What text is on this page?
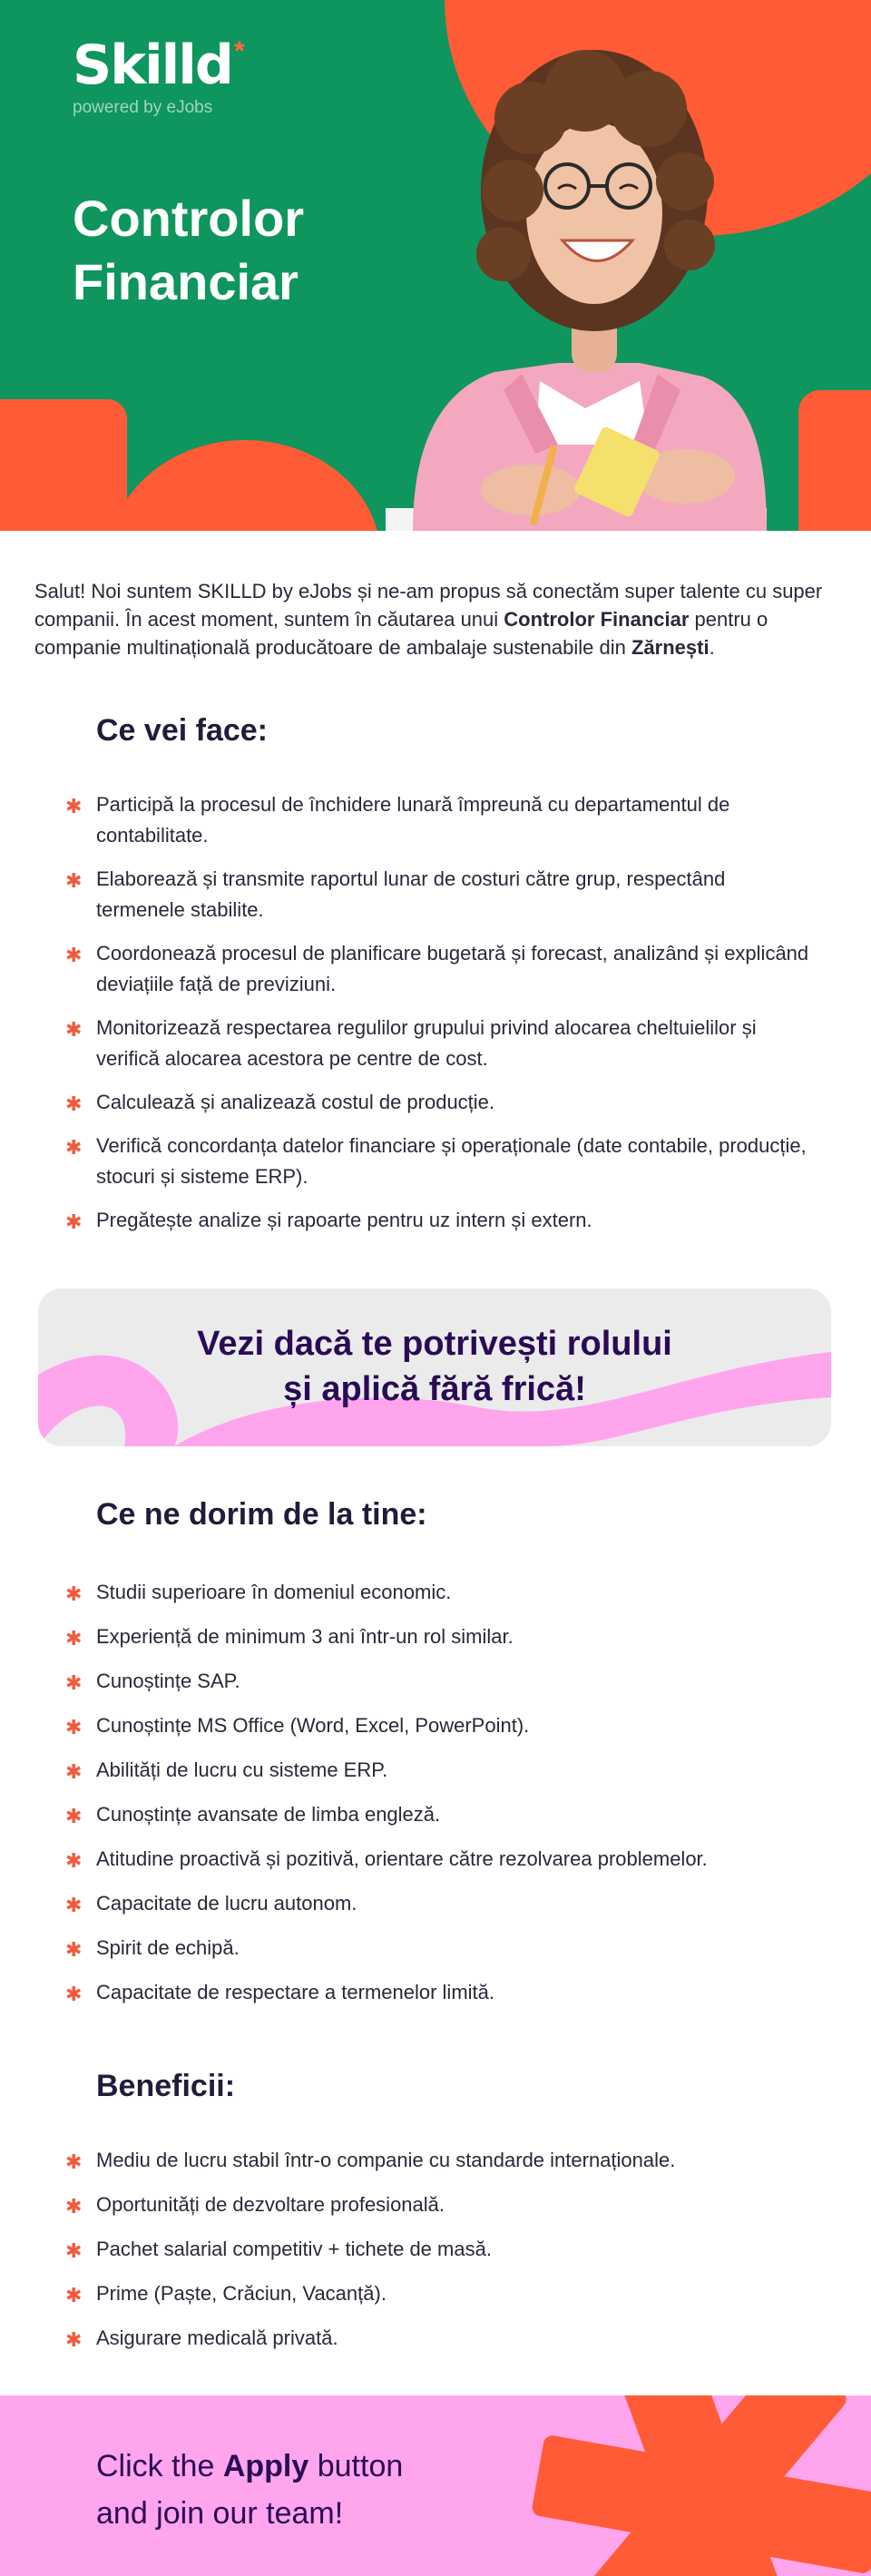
Skilld *
powered by eJobs
Controlor Financiar
Salut! Noi suntem SKILLD by eJobs și ne-am propus să conectăm super talente cu super companii. În acest moment, suntem în căutarea unui Controlor Financiar pentru o companie multinațională producătoare de ambalaje sustenabile din Zărnești.
Ce vei face:
✱ Participă la procesul de închidere lunară împreună cu departamentul de contabilitate.
✱ Elaborează și transmite raportul lunar de costuri către grup, respectând termenele stabilite.
✱ Coordonează procesul de planificare bugetară și forecast, analizând și explicând deviațiile față de previziuni.
✱ Monitorizează respectarea regulilor grupului privind alocarea cheltuielilor și verifică alocarea acestora pe centre de cost.
✱ Calculează și analizează costul de producție.
✱ Verifică concordanța datelor financiare și operaționale (date contabile, producție, stocuri și sisteme ERP).
✱ Pregătește analize și rapoarte pentru uz intern și extern.
Vezi dacă te potrivești rolului
și aplică fără frică!
Ce ne dorim de la tine:
✱ Studii superioare în domeniul economic.
✱ Experiență de minimum 3 ani într-un rol similar.
✱ Cunoștințe SAP.
✱ Cunoștințe MS Office (Word, Excel, PowerPoint).
✱ Abilități de lucru cu sisteme ERP.
✱ Cunoștințe avansate de limba engleză.
✱ Atitudine proactivă și pozitivă, orientare către rezolvarea problemelor.
✱ Capacitate de lucru autonom.
✱ Spirit de echipă.
✱ Capacitate de respectare a termenelor limită.
Beneficii:
✱ Mediu de lucru stabil într-o companie cu standarde internaționale.
✱ Oportunități de dezvoltare profesională.
✱ Pachet salarial competitiv + tichete de masă.
✱ Prime (Paște, Crăciun, Vacanță).
✱ Asigurare medicală privată.
Click the Apply button
and join our team!
